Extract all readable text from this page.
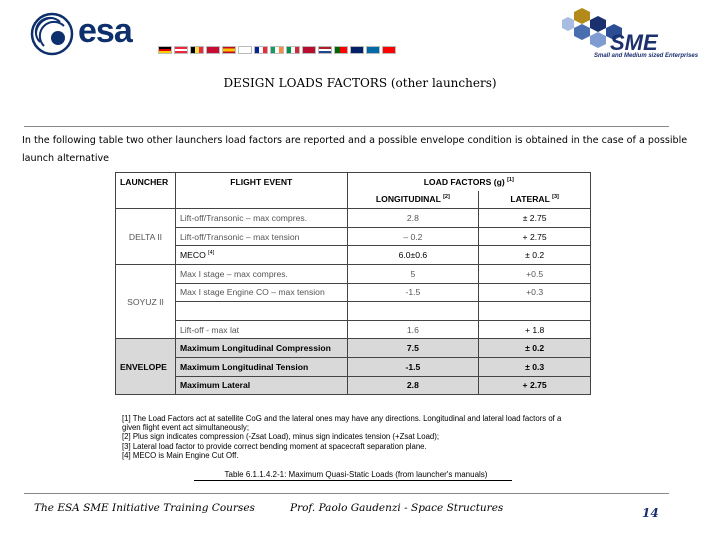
esa	SME
Small and Medium sized Enterprises
DESIGN LOADS FACTORS (other launchers)
In the following table two other launchers load factors are reported and a possible envelope condition is obtained in the case of a possible launch alternative
LAUNCHER	FLIGHT EVENT	LOAD FACTORS (g) [1]
		LONGITUDINAL [2]	LATERAL [3]
DELTA II	Lift-off/Transonic – max compres.	2.8	± 2.75
	Lift-off/Transonic – max tension	– 0.2	+ 2.75
	MECO [4]	6.0±0.6	± 0.2
SOYUZ II	Max I stage – max compres.	5	+0.5
	Max I stage Engine CO – max tension	-1.5	+0.3

	Lift-off - max lat	1.6	+ 1.8
ENVELOPE	Maximum Longitudinal Compression	7.5	± 0.2
	Maximum Longitudinal Tension	-1.5	± 0.3
	Maximum Lateral	2.8	+ 2.75
[1] The Load Factors act at satellite CoG and the lateral ones may have any directions. Longitudinal and lateral load factors of a given flight event act simultaneously;
[2] Plus sign indicates compression (-Zsat Load), minus sign indicates tension (+Zsat Load);
[3] Lateral load factor to provide correct bending moment at spacecraft separation plane.
[4] MECO is Main Engine Cut Off.
Table 6.1.1.4.2-1: Maximum Quasi-Static Loads (from launcher's manuals)
The ESA SME Initiative Training Courses	Prof. Paolo Gaudenzi - Space Structures	14
